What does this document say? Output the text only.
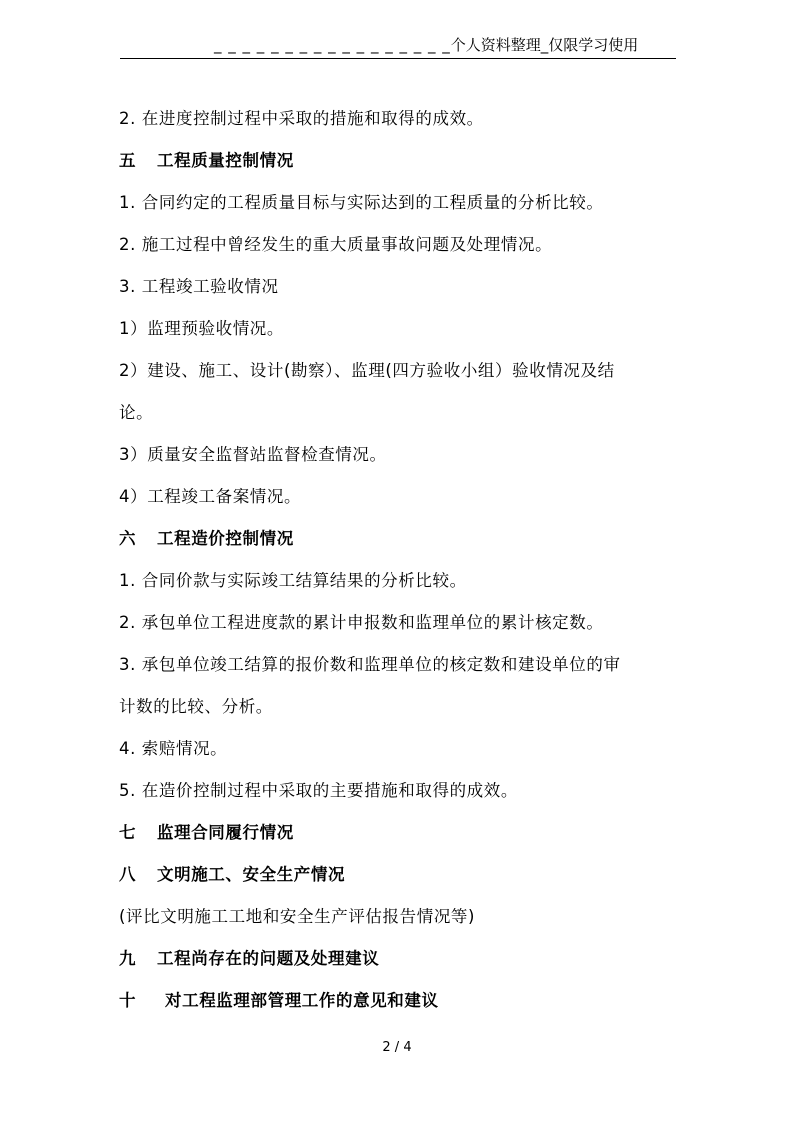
_ _ _ _ _ _ _ _ _ _ _ _ _ _ _ _ _个人资料整理_仅限学习使用
2. 在进度控制过程中采取的措施和取得的成效。
五 工程质量控制情况
1. 合同约定的工程质量目标与实际达到的工程质量的分析比较。
2. 施工过程中曾经发生的重大质量事故问题及处理情况。
3. 工程竣工验收情况
1）监理预验收情况。
2）建设、施工、设计(勘察）、监理(四方验收小组）验收情况及结
论。
3）质量安全监督站监督检查情况。
4）工程竣工备案情况。
六 工程造价控制情况
1. 合同价款与实际竣工结算结果的分析比较。
2. 承包单位工程进度款的累计申报数和监理单位的累计核定数。
3. 承包单位竣工结算的报价数和监理单位的核定数和建设单位的审
计数的比较、分析。
4. 索赔情况。
5. 在造价控制过程中采取的主要措施和取得的成效。
七 监理合同履行情况
八 文明施工、安全生产情况
(评比文明施工工地和安全生产评估报告情况等)
九 工程尚存在的问题及处理建议
十 对工程监理部管理工作的意见和建议
2 / 4
